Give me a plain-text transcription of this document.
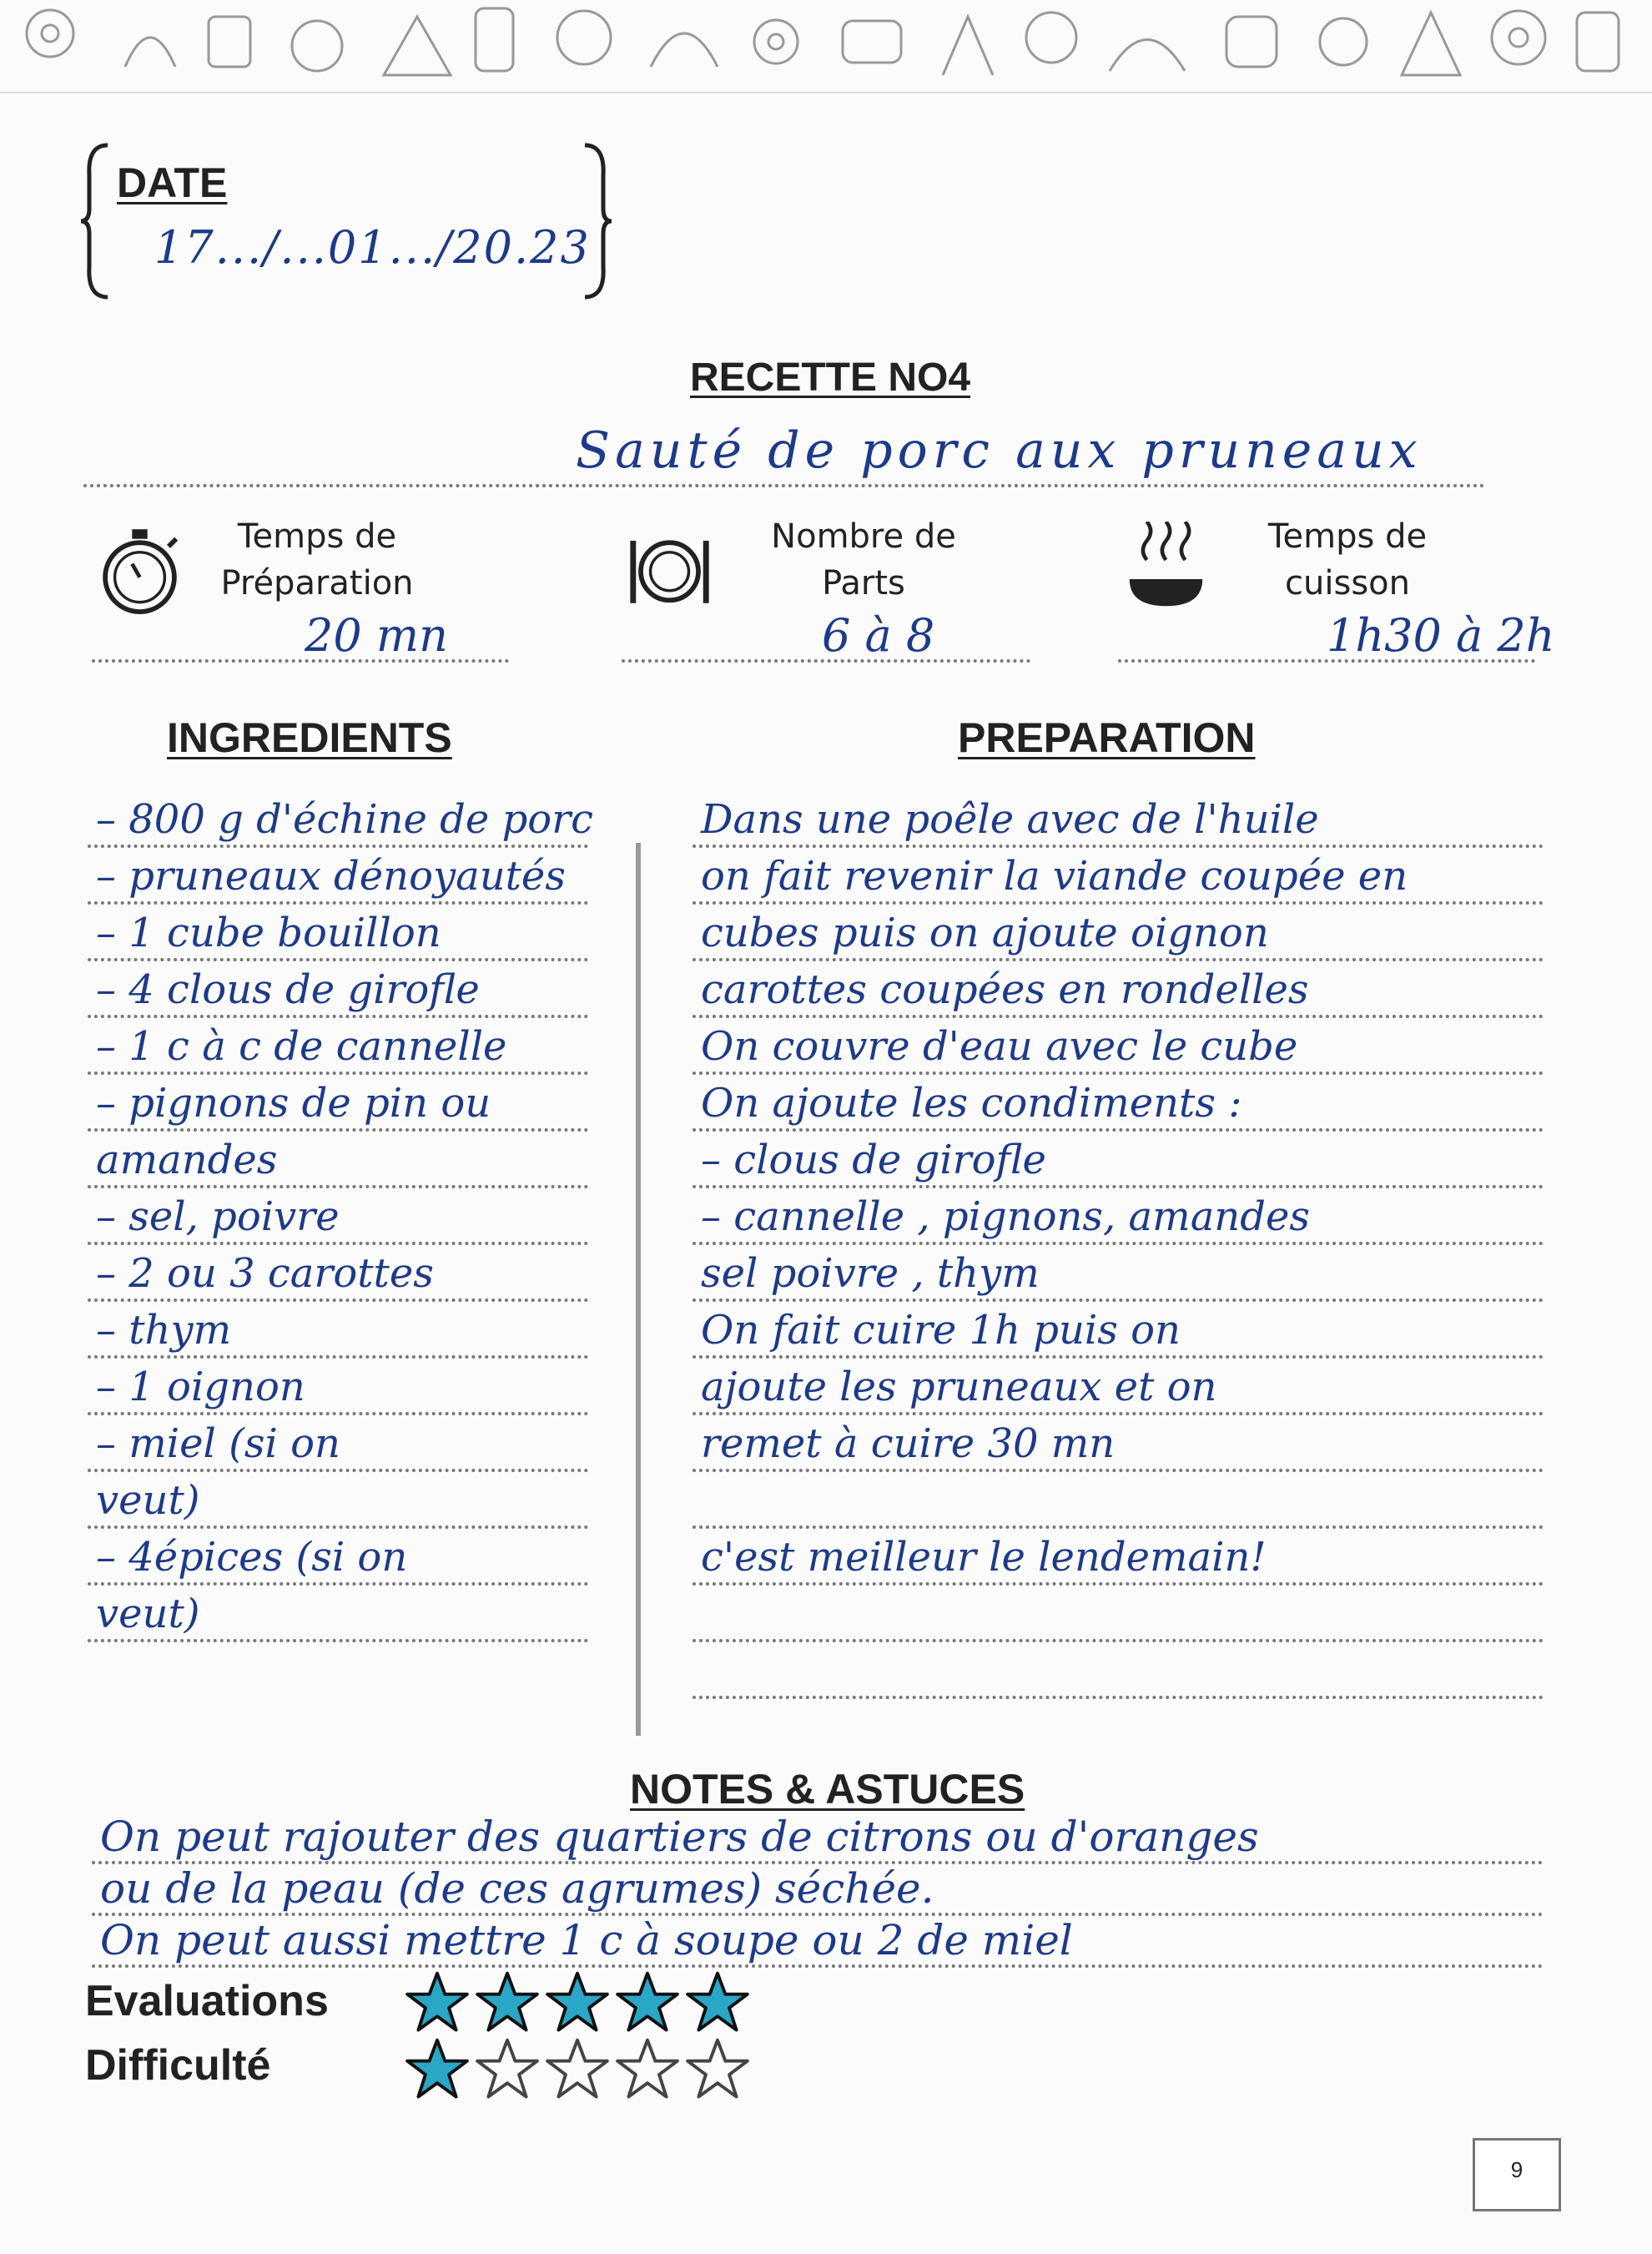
DATE
17.../...01.../20.23
RECETTE NO4
Sauté de porc aux pruneaux
Temps de
Préparation
20 mn
Nombre de
Parts
6 à 8
Temps de
cuisson
1h30 à 2h
INGREDIENTS	PREPARATION
– 800 g d'échine de porc
– pruneaux dénoyautés
– 1 cube bouillon
– 4 clous de girofle
– 1 c à c de cannelle
– pignons de pin ou
amandes
– sel, poivre
– 2 ou 3 carottes
– thym
– 1 oignon
– miel (si on
veut)
– 4épices (si on
veut)
Dans une poêle avec de l'huile
on fait revenir la viande coupée en
cubes puis on ajoute oignon
carottes coupées en rondelles
On couvre d'eau avec le cube
On ajoute les condiments :
– clous de girofle
– cannelle , pignons, amandes
sel poivre , thym
On fait cuire 1h puis on
ajoute les pruneaux et on
remet à cuire 30 mn
c'est meilleur le lendemain!
NOTES & ASTUCES
On peut rajouter des quartiers de citrons ou d'oranges
ou de la peau (de ces agrumes) séchée.
On peut aussi mettre 1 c à soupe ou 2 de miel
Evaluations
Difficulté
9
